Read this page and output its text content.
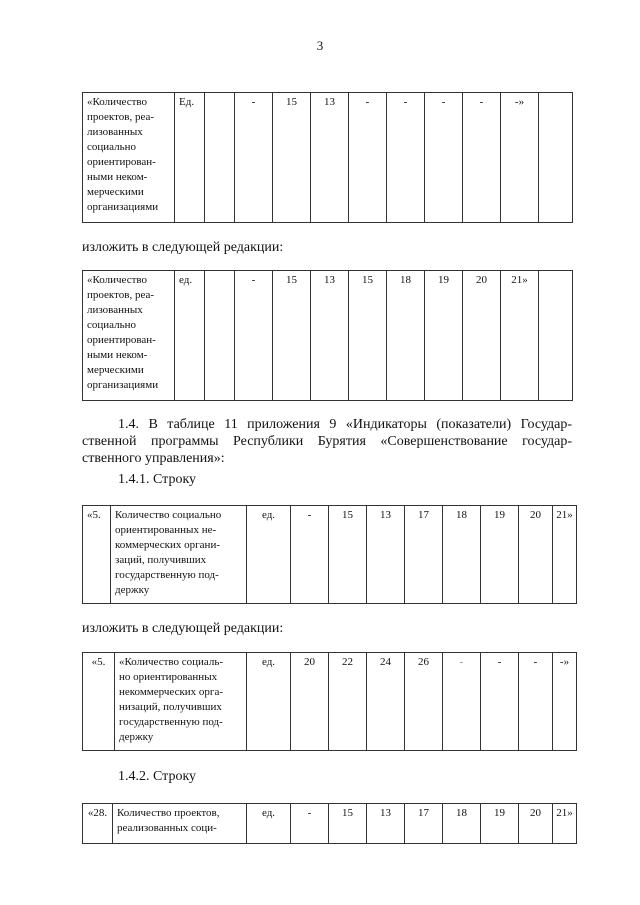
3
«Количество
проектов, реа-
лизованных
социально
ориентирован-
ными неком-
мерческими
организациями
	Ед.		-	15	13	-	-	-	-	-»	
изложить в следующей редакции:
«Количество
проектов, реа-
лизованных
социально
ориентирован-
ными неком-
мерческими
организациями
	ед.		-	15	13	15	18	19	20	21»	
1.4. В таблице 11 приложения 9 «Индикаторы (показатели) Государ-
ственной программы Республики Бурятия «Совершенствование государ-
ственного управления»:
1.4.1. Строку
«5.	Количество социально
ориентированных не-
коммерческих органи-
заций, получивших
государственную под-
держку
	ед.	-	15	13	17	18	19	20	21»
изложить в следующей редакции:
«5.	«Количество социаль-
но ориентированных
некоммерческих орга-
низаций, получивших
государственную под-
держку
	ед.	20	22	24	26	-	-	-	-»
1.4.2. Строку
«28.	Количество проектов,
реализованных соци-
	ед.	-	15	13	17	18	19	20	21»
